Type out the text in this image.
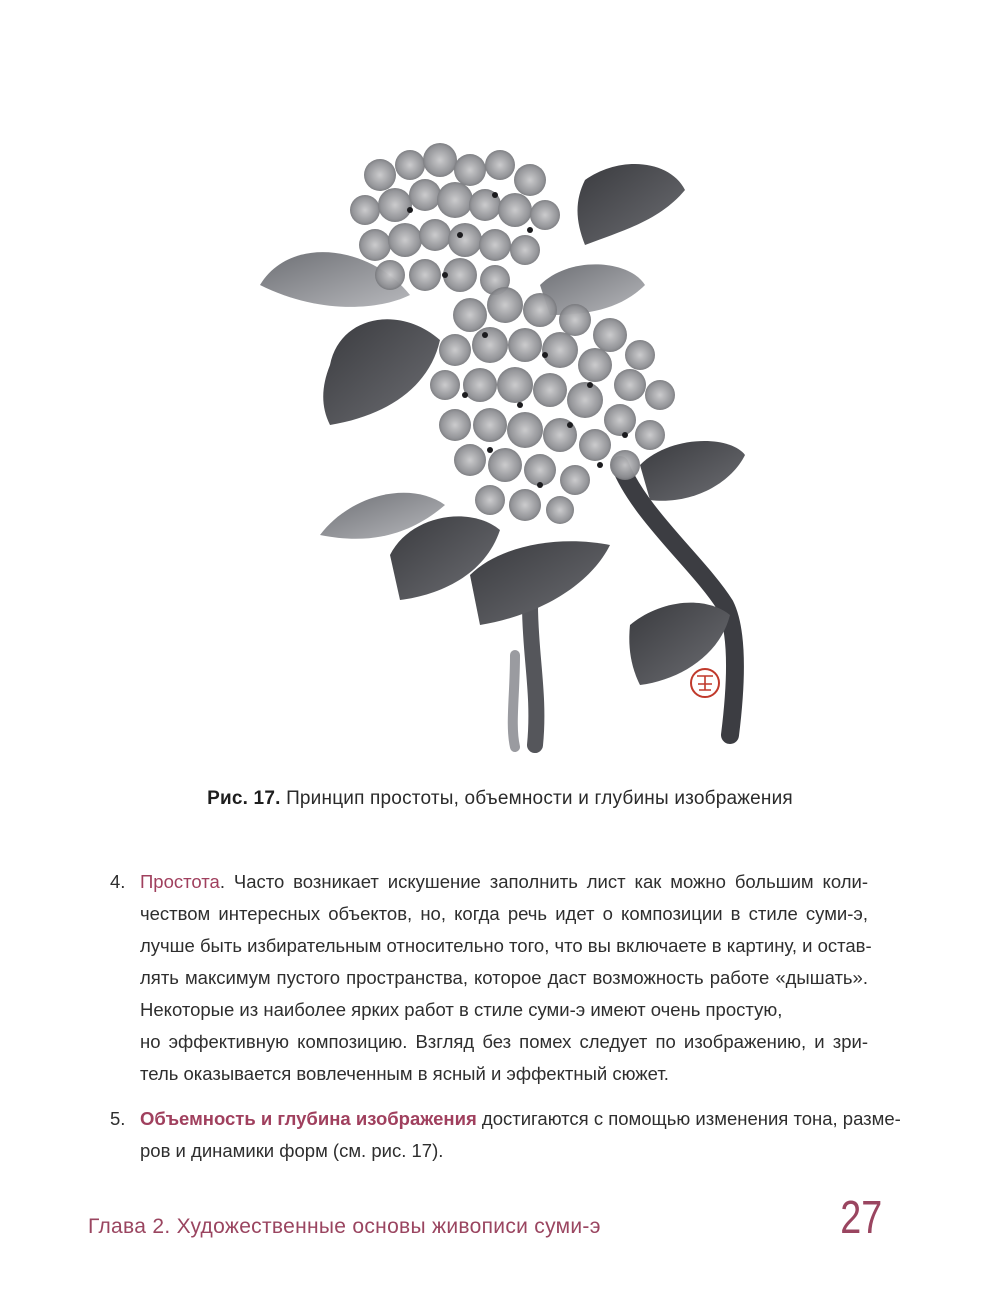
Рис. 17. Принцип простоты, объемности и глубины изображения
4. Простота. Часто возникает искушение заполнить лист как можно большим коли-
чеством интересных объектов, но, когда речь идет о композиции в стиле суми-э,
лучше быть избирательным относительно того, что вы включаете в картину, и остав-
лять максимум пустого пространства, которое даст возможность работе «дышать».
Некоторые из наиболее ярких работ в стиле суми-э имеют очень простую,
но эффективную композицию. Взгляд без помех следует по изображению, и зри-
тель оказывается вовлеченным в ясный и эффектный сюжет.
5. Объемность и глубина изображения достигаются с помощью изменения тона, разме-
ров и динамики форм (см. рис. 17).
Глава 2. Художественные основы живописи суми-э	27
